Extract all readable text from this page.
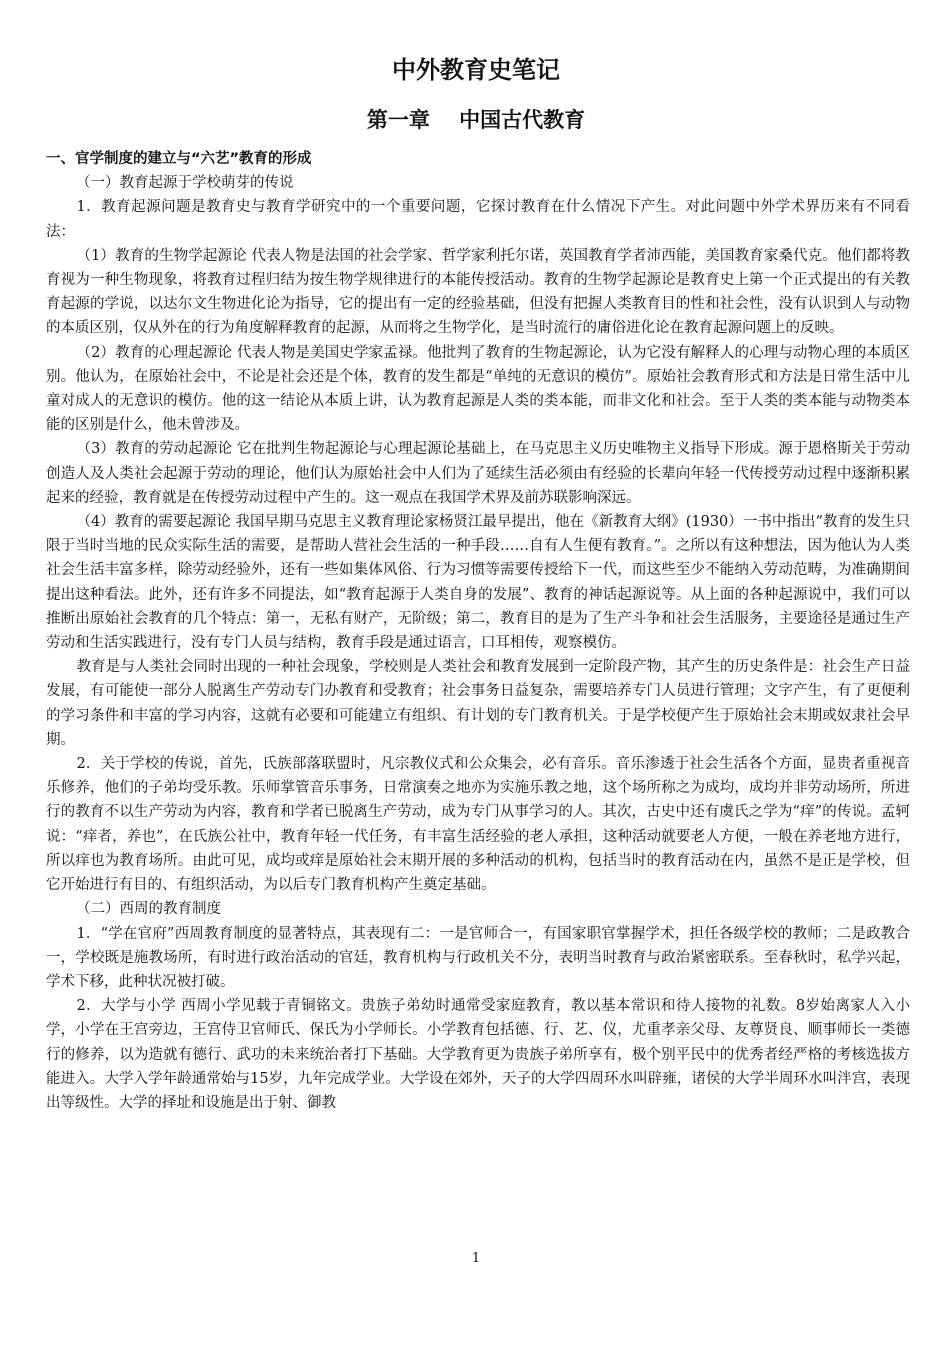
中外教育史笔记
第一章    中国古代教育

一、官学制度的建立与“六艺”教育的形成

（一）教育起源于学校萌芽的传说

1．教育起源问题是教育史与教育学研究中的一个重要问题，它探讨教育在什么情况下产生。对此问题中外学术界历来有不同看法：

（1）教育的生物学起源论 代表人物是法国的社会学家、哲学家利托尔诺，英国教育学者沛西能，美国教育家桑代克。他们都将教育视为一种生物现象，将教育过程归结为按生物学规律进行的本能传授活动。教育的生物学起源论是教育史上第一个正式提出的有关教育起源的学说，以达尔文生物进化论为指导，它的提出有一定的经验基础，但没有把握人类教育目的性和社会性，没有认识到人与动物的本质区别，仅从外在的行为角度解释教育的起源，从而将之生物学化，是当时流行的庸俗进化论在教育起源问题上的反映。

（2）教育的心理起源论 代表人物是美国史学家孟禄。他批判了教育的生物起源论，认为它没有解释人的心理与动物心理的本质区别。他认为，在原始社会中，不论是社会还是个体，教育的发生都是“单纯的无意识的模仿”。原始社会教育形式和方法是日常生活中儿童对成人的无意识的模仿。他的这一结论从本质上讲，认为教育起源是人类的类本能，而非文化和社会。至于人类的类本能与动物类本能的区别是什么，他未曾涉及。

（3）教育的劳动起源论 它在批判生物起源论与心理起源论基础上，在马克思主义历史唯物主义指导下形成。源于恩格斯关于劳动创造人及人类社会起源于劳动的理论，他们认为原始社会中人们为了延续生活必须由有经验的长辈向年轻一代传授劳动过程中逐渐积累起来的经验，教育就是在传授劳动过程中产生的。这一观点在我国学术界及前苏联影响深远。

（4）教育的需要起源论 我国早期马克思主义教育理论家杨贤江最早提出，他在《新教育大纲》(1930）一书中指出“教育的发生只限于当时当地的民众实际生活的需要，是帮助人营社会生活的一种手段……自有人生便有教育。”。之所以有这种想法，因为他认为人类社会生活丰富多样，除劳动经验外，还有一些如集体风俗、行为习惯等需要传授给下一代，而这些至少不能纳入劳动范畴，为准确期间提出这种看法。此外，还有许多不同提法，如“教育起源于人类自身的发展”、教育的神话起源说等。从上面的各种起源说中，我们可以推断出原始社会教育的几个特点：第一，无私有财产，无阶级；第二，教育目的是为了生产斗争和社会生活服务，主要途径是通过生产劳动和生活实践进行，没有专门人员与结构，教育手段是通过语言，口耳相传，观察模仿。

教育是与人类社会同时出现的一种社会现象，学校则是人类社会和教育发展到一定阶段产物，其产生的历史条件是：社会生产日益发展，有可能使一部分人脱离生产劳动专门办教育和受教育；社会事务日益复杂，需要培养专门人员进行管理；文字产生，有了更便利的学习条件和丰富的学习内容，这就有必要和可能建立有组织、有计划的专门教育机关。于是学校便产生于原始社会末期或奴隶社会早期。

2．关于学校的传说，首先，氏族部落联盟时，凡宗教仪式和公众集会，必有音乐。音乐渗透于社会生活各个方面，显贵者重视音乐修养，他们的子弟均受乐教。乐师掌管音乐事务，日常演奏之地亦为实施乐教之地，这个场所称之为成均，成均并非劳动场所，所进行的教育不以生产劳动为内容，教育和学者已脱离生产劳动，成为专门从事学习的人。其次，古史中还有虞氏之学为“痒”的传说。孟轲说：“痒者，养也”，在氏族公社中，教育年轻一代任务，有丰富生活经验的老人承担，这种活动就要老人方便，一般在养老地方进行，所以痒也为教育场所。由此可见，成均或痒是原始社会末期开展的多种活动的机构，包括当时的教育活动在内，虽然不是正是学校，但它开始进行有目的、有组织活动，为以后专门教育机构产生奠定基础。

（二）西周的教育制度

1．“学在官府”西周教育制度的显著特点，其表现有二：一是官师合一，有国家职官掌握学术，担任各级学校的教师；二是政教合一，学校既是施教场所，有时进行政治活动的官廷，教育机构与行政机关不分，表明当时教育与政治紧密联系。至春秋时，私学兴起，学术下移，此种状况被打破。

2．大学与小学 西周小学见载于青铜铭文。贵族子弟幼时通常受家庭教育，教以基本常识和待人接物的礼数。8岁始离家人入小学，小学在王宫旁边，王宫侍卫官师氏、保氏为小学师长。小学教育包括德、行、艺、仪，尤重孝亲父母、友尊贤良、顺事师长一类德行的修养，以为造就有德行、武功的未来统治者打下基础。大学教育更为贵族子弟所享有，极个别平民中的优秀者经严格的考核选拔方能进入。大学入学年龄通常始与15岁，九年完成学业。大学设在郊外，天子的大学四周环水叫辟雍，诸侯的大学半周环水叫泮宫，表现出等级性。大学的择址和设施是出于射、御教

1
